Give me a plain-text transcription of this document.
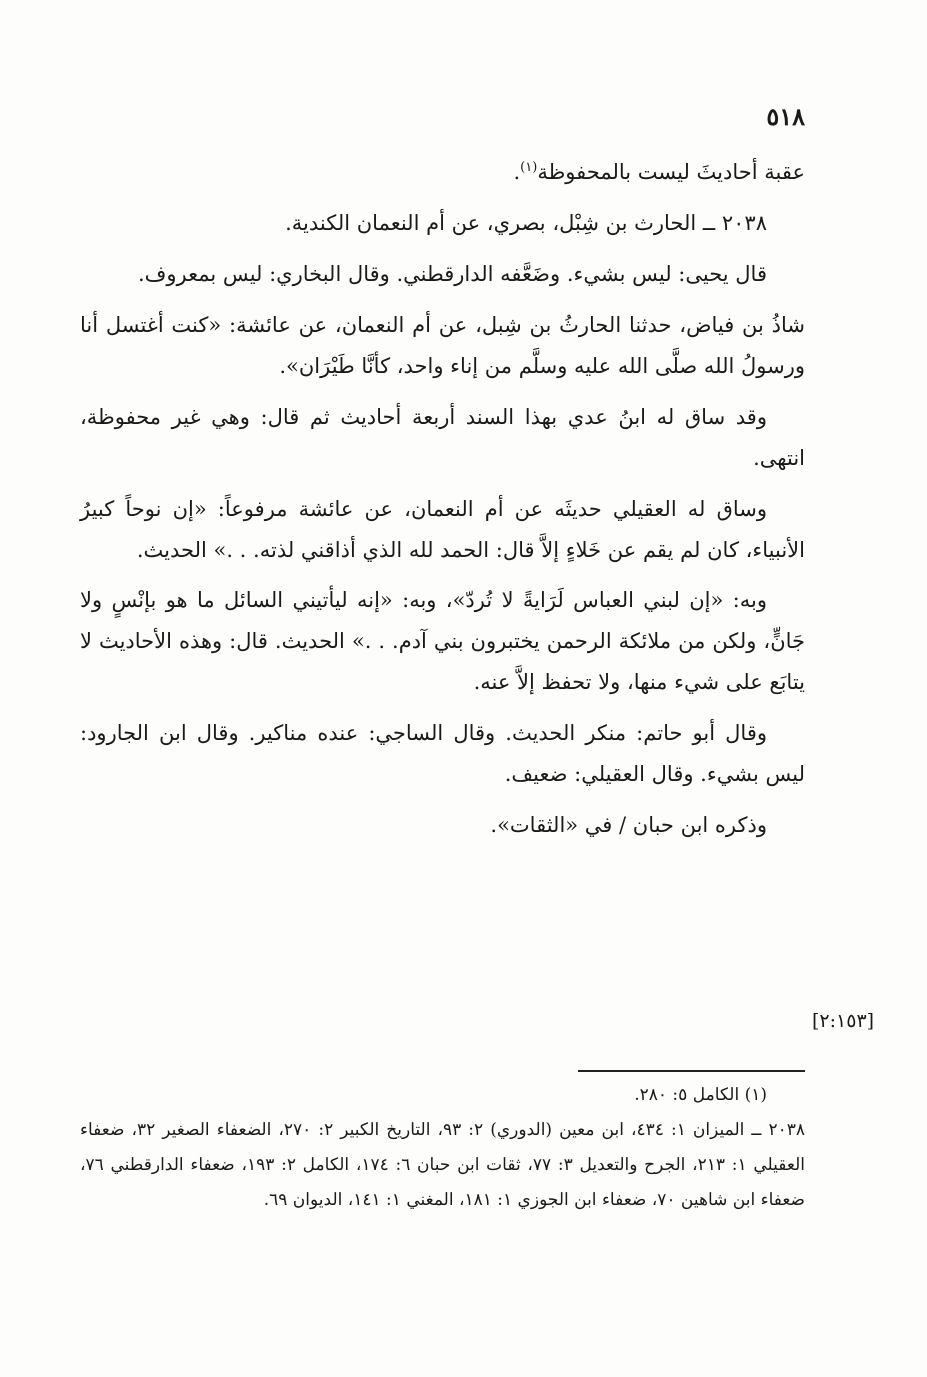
٥١٨

عقبة أحاديثَ ليست بالمحفوظة$^{(١)}$.

٢٠٣٨ ــ الحارث بن شِبْل، بصري، عن أم النعمان الكندية.

قال يحيى: ليس بشيء. وضَعَّفه الدارقطني. وقال البخاري: ليس بمعروف.

شاذُ بن فياض، حدثنا الحارثُ بن شِبل، عن أم النعمان، عن عائشة: «كنت أغتسل أنا ورسولُ الله صلَّى الله عليه وسلَّم من إناء واحد، كأنَّا طَيْرَان».

وقد ساق له ابنُ عدي بهذا السند أربعة أحاديث ثم قال: وهي غير محفوظة، انتهى.

وساق له العقيلي حديثَه عن أم النعمان، عن عائشة مرفوعاً: «إن نوحاً كبيرُ الأنبياء، كان لم يقم عن خَلاءٍ إلاَّ قال: الحمد لله الذي أذاقني لذته. . .» الحديث.

وبه: «إن لبني العباس لَرَايةً لا تُردّ»، وبه: «إنه ليأتيني السائل ما هو بإنْسٍ ولا جَانٍّ، ولكن من ملائكة الرحمن يختبرون بني آدم. . .» الحديث. قال: وهذه الأحاديث لا يتابَع على شيء منها، ولا تحفظ إلاَّ عنه.

وقال أبو حاتم: منكر الحديث. وقال الساجي: عنده مناكير. وقال ابن الجارود: ليس بشيء. وقال العقيلي: ضعيف.

وذكره ابن حبان / في «الثقات».

[٢:١٥٣]

(١) الكامل ٥: ٢٨٠.

٢٠٣٨ ــ الميزان ١: ٤٣٤، ابن معين (الدوري) ٢: ٩٣، التاريخ الكبير ٢: ٢٧٠، الضعفاء الصغير ٣٢، ضعفاء العقيلي ١: ٢١٣، الجرح والتعديل ٣: ٧٧، ثقات ابن حبان ٦: ١٧٤، الكامل ٢: ١٩٣، ضعفاء الدارقطني ٧٦، ضعفاء ابن شاهين ٧٠، ضعفاء ابن الجوزي ١: ١٨١، المغني ١: ١٤١، الديوان ٦٩.
